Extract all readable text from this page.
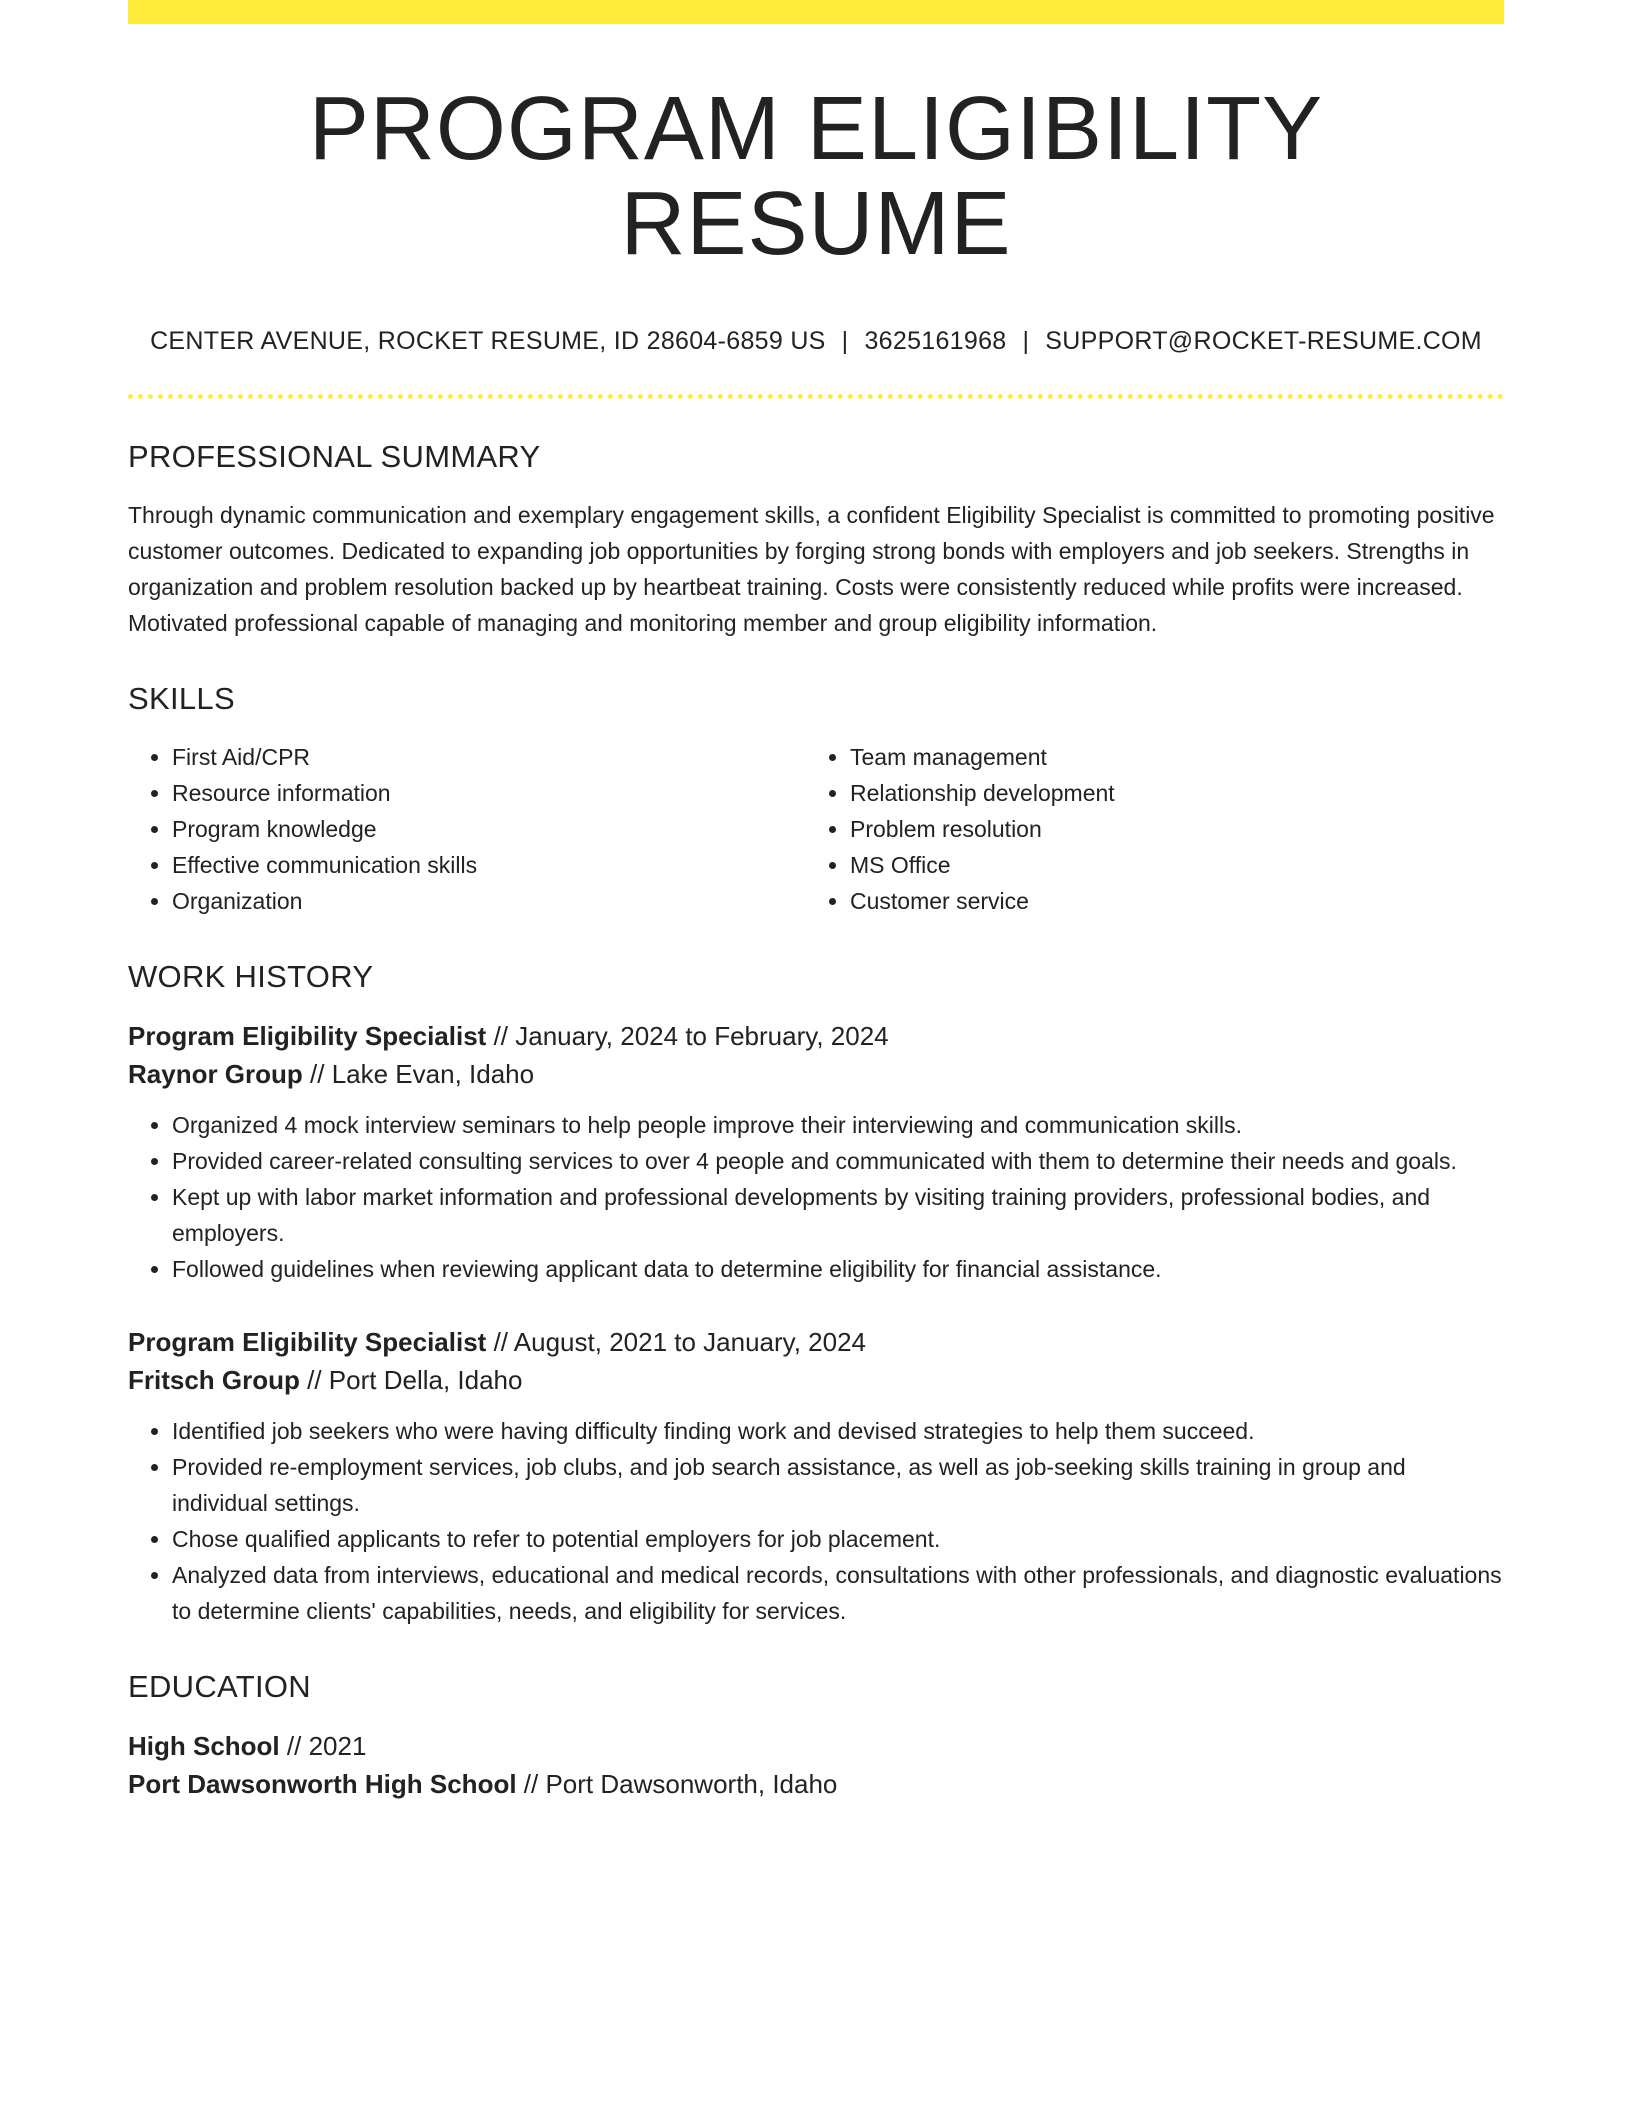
PROGRAM ELIGIBILITY RESUME
CENTER AVENUE, ROCKET RESUME, ID 28604-6859 US | 3625161968 | SUPPORT@ROCKET-RESUME.COM
PROFESSIONAL SUMMARY

Through dynamic communication and exemplary engagement skills, a confident Eligibility Specialist is committed to promoting positive customer outcomes. Dedicated to expanding job opportunities by forging strong bonds with employers and job seekers. Strengths in organization and problem resolution backed up by heartbeat training. Costs were consistently reduced while profits were increased. Motivated professional capable of managing and monitoring member and group eligibility information.

SKILLS
• First Aid/CPR
• Resource information
• Program knowledge
• Effective communication skills
• Organization
• Team management
• Relationship development
• Problem resolution
• MS Office
• Customer service
WORK HISTORY
Program Eligibility Specialist // January, 2024 to February, 2024
Raynor Group // Lake Evan, Idaho
• Organized 4 mock interview seminars to help people improve their interviewing and communication skills.
• Provided career-related consulting services to over 4 people and communicated with them to determine their needs and goals.
• Kept up with labor market information and professional developments by visiting training providers, professional bodies, and employers.
• Followed guidelines when reviewing applicant data to determine eligibility for financial assistance.
Program Eligibility Specialist // August, 2021 to January, 2024
Fritsch Group // Port Della, Idaho
• Identified job seekers who were having difficulty finding work and devised strategies to help them succeed.
• Provided re-employment services, job clubs, and job search assistance, as well as job-seeking skills training in group and individual settings.
• Chose qualified applicants to refer to potential employers for job placement.
• Analyzed data from interviews, educational and medical records, consultations with other professionals, and diagnostic evaluations to determine clients' capabilities, needs, and eligibility for services.
EDUCATION
High School // 2021
Port Dawsonworth High School // Port Dawsonworth, Idaho
